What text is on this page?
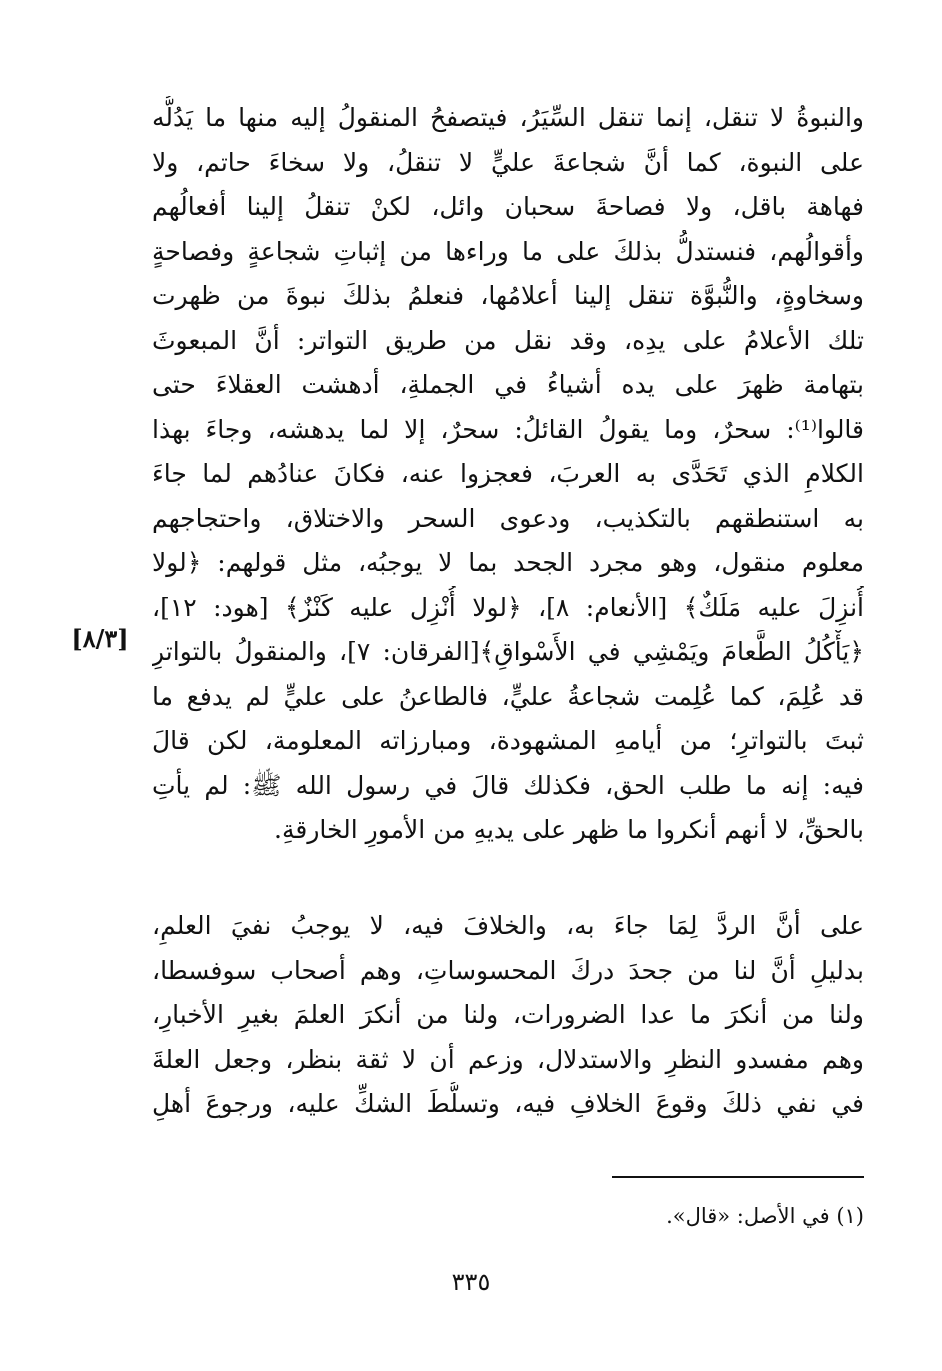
والنبوةُ لا تنقل، إنما تنقل السِّيَرُ، فيتصفحُ المنقولُ إليه منها ما يَدُلُّه
على النبوة، كما أنَّ شجاعةَ عليٍّ لا تنقلُ، ولا سخاءَ حاتم، ولا
فهاهة باقل، ولا فصاحةَ سحبان وائل، لكنْ تنقلُ إلينا أفعالُهم
وأقوالُهم، فنستدلُّ بذلكَ على ما وراءها من إثباتِ شجاعةٍ وفصاحةٍ
وسخاوةٍ، والنُّبوَّة تنقل إلينا أعلامُها، فنعلمُ بذلكَ نبوةَ من ظهرت
تلك الأعلامُ على يدِه، وقد نقل من طريق التواتر: أنَّ المبعوثَ
بتهامة ظهرَ على يده أشياءُ في الجملةِ، أدهشت العقلاءَ حتى
قالوا⁽¹⁾: سحرٌ، وما يقولُ القائلُ: سحرٌ، إلا لما يدهشه، وجاءَ بهذا
الكلامِ الذي تَحَدَّى به العربَ، فعجزوا عنه، فكانَ عنادُهم لما جاءَ
به استنطقهم بالتكذيب، ودعوى السحر والاختلاق، واحتجاجهم
معلوم منقول، وهو مجرد الجحد بما لا يوجبُه، مثل قولهم: ﴿لولا
أُنزِلَ عليه مَلَكٌ﴾ [الأنعام: ٨]، ﴿لولا أُنْزِل عليه كَنْزٌ﴾ [هود: ١٢]،
﴿يَأْكُلُ الطَّعامَ ويَمْشِي في الأَسْواقِ﴾[الفرقان: ٧]، والمنقولُ بالتواترِ
قد عُلِمَ، كما عُلِمت شجاعةُ عليٍّ، فالطاعنُ على عليٍّ لم يدفع ما
ثبتَ بالتواترِ؛ من أيامهِ المشهودة، ومبارزاته المعلومة، لكن قالَ
فيه: إنه ما طلب الحق، فكذلك قالَ في رسول الله ﷺ: لم يأتِ
بالحقِّ، لا أنهم أنكروا ما ظهر على يديهِ من الأمورِ الخارقةِ.
[٨/٣]
على أنَّ الردَّ لِمَا جاءَ به، والخلافَ فيه، لا يوجبُ نفيَ العلمِ،
بدليلِ أنَّ لنا من جحدَ دركَ المحسوساتِ، وهم أصحاب سوفسطا،
ولنا من أنكرَ ما عدا الضرورات، ولنا من أنكرَ العلمَ بغيرِ الأخبارِ،
وهم مفسدو النظرِ والاستدلال، وزعم أن لا ثقة بنظر، وجعل العلةَ
في نفي ذلكَ وقوعَ الخلافِ فيه، وتسلُّطَ الشكِّ عليه، ورجوعَ أهلِ
(١) في الأصل: «قال».
٣٣٥
